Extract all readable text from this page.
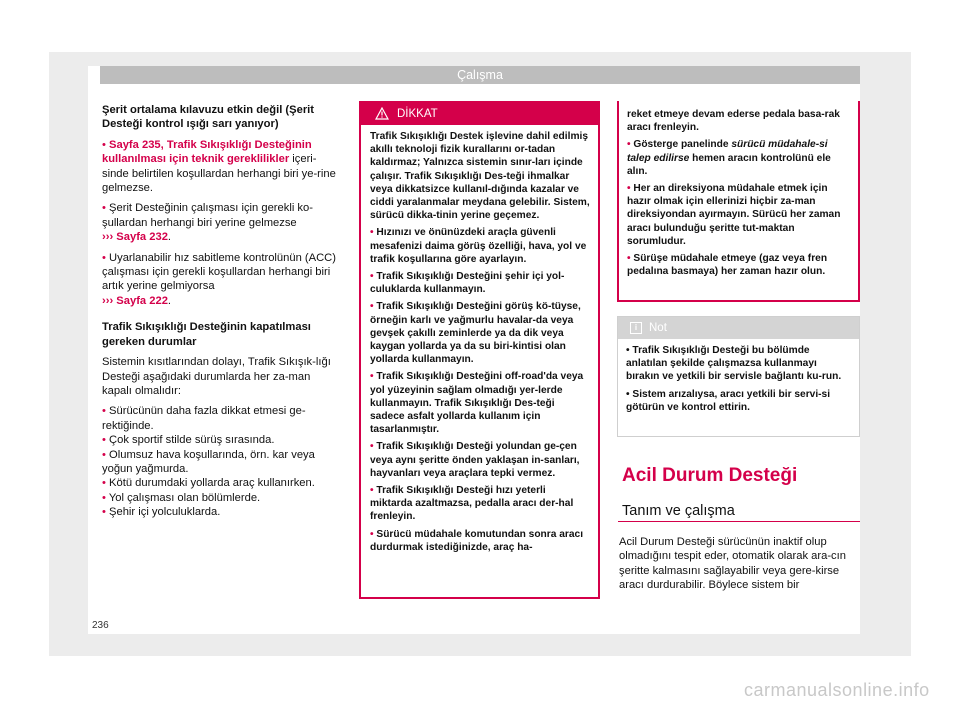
Çalışma

Şerit ortalama kılavuzu etkin değil (Şerit Desteği kontrol ışığı sarı yanıyor)

• Sayfa 235, Trafik Sıkışıklığı Desteğinin kullanılması için teknik gereklilikler içeri-sinde belirtilen koşullardan herhangi biri ye-rine gelmezse.

• Şerit Desteğinin çalışması için gerekli ko-şullardan herhangi biri yerine gelmezse
››› Sayfa 232.

• Uyarlanabilir hız sabitleme kontrolünün (ACC) çalışması için gerekli koşullardan herhangi biri artık yerine gelmiyorsa
››› Sayfa 222.

Trafik Sıkışıklığı Desteğinin kapatılması gereken durumlar

Sistemin kısıtlarından dolayı, Trafik Sıkışık-lığı Desteği aşağıdaki durumlarda her za-man kapalı olmalıdır:

• Sürücünün daha fazla dikkat etmesi ge-rektiğinde.

• Çok sportif stilde sürüş sırasında.

• Olumsuz hava koşullarında, örn. kar veya yoğun yağmurda.

• Kötü durumdaki yollarda araç kullanırken.

• Yol çalışması olan bölümlerde.

• Şehir içi yolculuklarda.

DİKKAT

Trafik Sıkışıklığı Destek işlevine dahil edilmiş akıllı teknoloji fizik kurallarını or-tadan kaldırmaz; Yalnızca sistemin sınır-ları içinde çalışır. Trafik Sıkışıklığı Des-teği ihmalkar veya dikkatsizce kullanıl-dığında kazalar ve ciddi yaralanmalar meydana gelebilir. Sistem, sürücü dikka-tinin yerine geçemez.

• Hızınızı ve önünüzdeki araçla güvenli mesafenizi daima görüş özelliği, hava, yol ve trafik koşullarına göre ayarlayın.

• Trafik Sıkışıklığı Desteğini şehir içi yol-culuklarda kullanmayın.

• Trafik Sıkışıklığı Desteğini görüş kö-tüyse, örneğin karlı ve yağmurlu havalar-da veya gevşek çakıllı zeminlerde ya da dik veya kaygan yollarda ya da su biri-kintisi olan yollarda kullanmayın.

• Trafik Sıkışıklığı Desteğini off-road'da veya yol yüzeyinin sağlam olmadığı yer-lerde kullanmayın. Trafik Sıkışıklığı Des-teği sadece asfalt yollarda kullanım için tasarlanmıştır.

• Trafik Sıkışıklığı Desteği yolundan ge-çen veya aynı şeritte önden yaklaşan in-sanları, hayvanları veya araçlara tepki vermez.

• Trafik Sıkışıklığı Desteği hızı yeterli miktarda azaltmazsa, pedalla aracı der-hal frenleyin.

• Sürücü müdahale komutundan sonra aracı durdurmak istediğinizde, araç ha-

reket etmeye devam ederse pedala basa-rak aracı frenleyin.

• Gösterge panelinde sürücü müdahale-si talep edilirse hemen aracın kontrolünü ele alın.

• Her an direksiyona müdahale etmek için hazır olmak için ellerinizi hiçbir za-man direksiyondan ayırmayın. Sürücü her zaman aracı bulunduğu şeritte tut-maktan sorumludur.

• Sürüşe müdahale etmeye (gaz veya fren pedalına basmaya) her zaman hazır olun.

i	Not

• Trafik Sıkışıklığı Desteği bu bölümde anlatılan şekilde çalışmazsa kullanmayı bırakın ve yetkili bir servisle bağlantı ku-run.

• Sistem arızalıysa, aracı yetkili bir servi-si götürün ve kontrol ettirin.

Acil Durum Desteği
Tanım ve çalışma
Acil Durum Desteği sürücünün inaktif olup olmadığını tespit eder, otomatik olarak ara-cın şeritte kalmasını sağlayabilir veya gere-kirse aracı durdurabilir. Böylece sistem bir
236
carmanualsonline.info
